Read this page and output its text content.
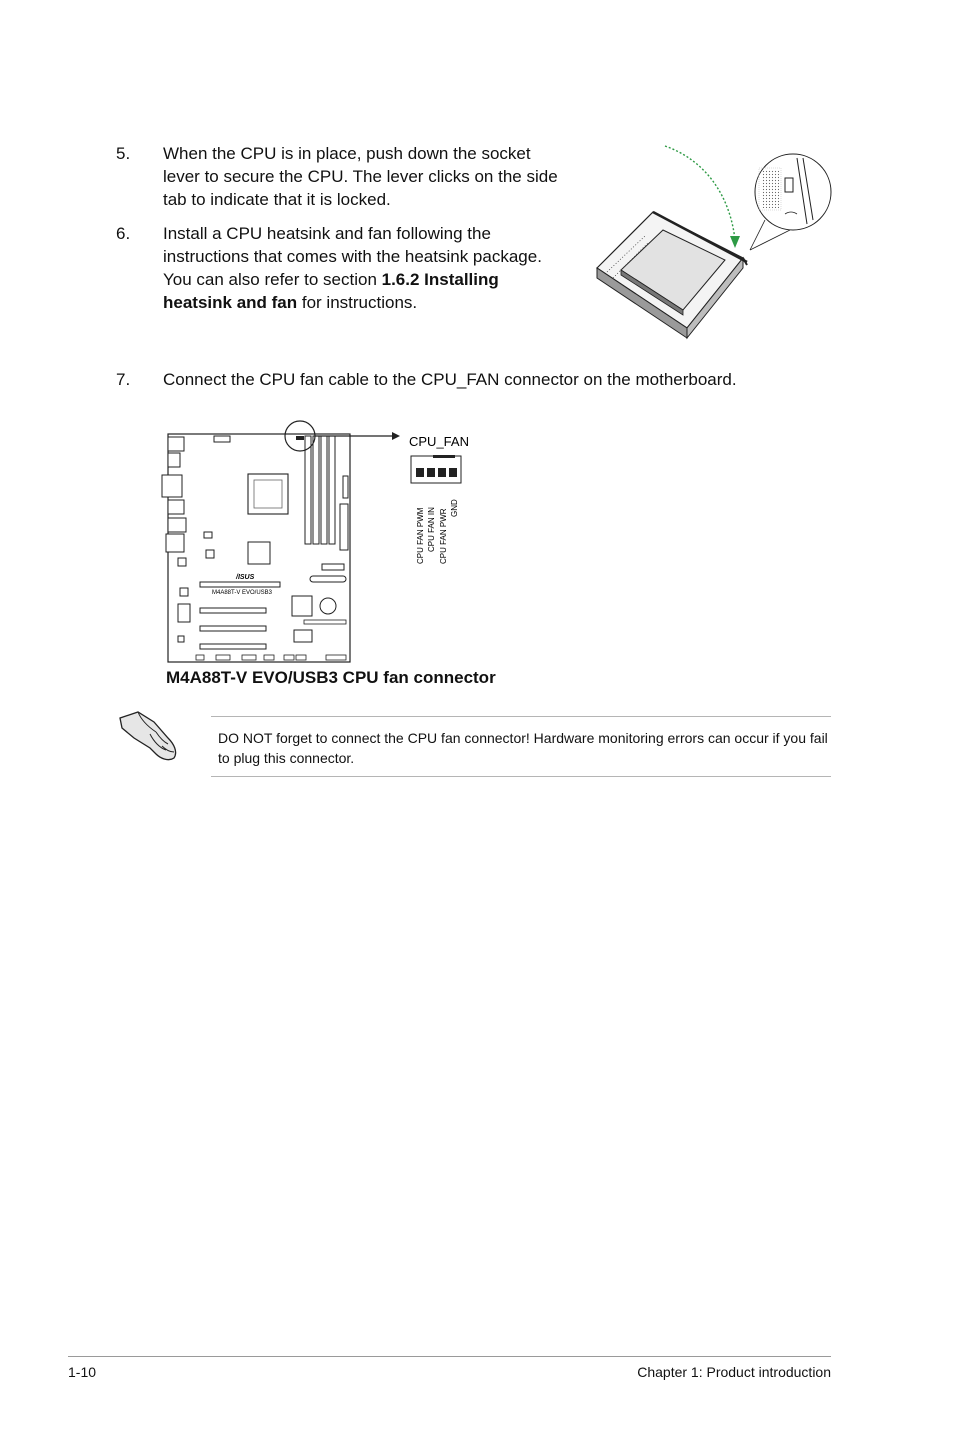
5. When the CPU is in place, push down the socket
lever to secure the CPU. The lever clicks on the side
tab to indicate that it is locked.
6. Install a CPU heatsink and fan following the
instructions that comes with the heatsink package.
You can also refer to section 1.6.2 Installing
heatsink and fan for instructions.
7. Connect the CPU fan cable to the CPU_FAN connector on the motherboard.
/ISUS
M4A88T-V EVO/USB3
CPU_FAN
CPU FAN PWM CPU FAN IN CPU FAN PWR
GND
M4A88T-V EVO/USB3 CPU fan connector
DO NOT forget to connect the CPU fan connector! Hardware monitoring errors can occur if you fail to plug this connector.
1-10	Chapter 1: Product introduction
